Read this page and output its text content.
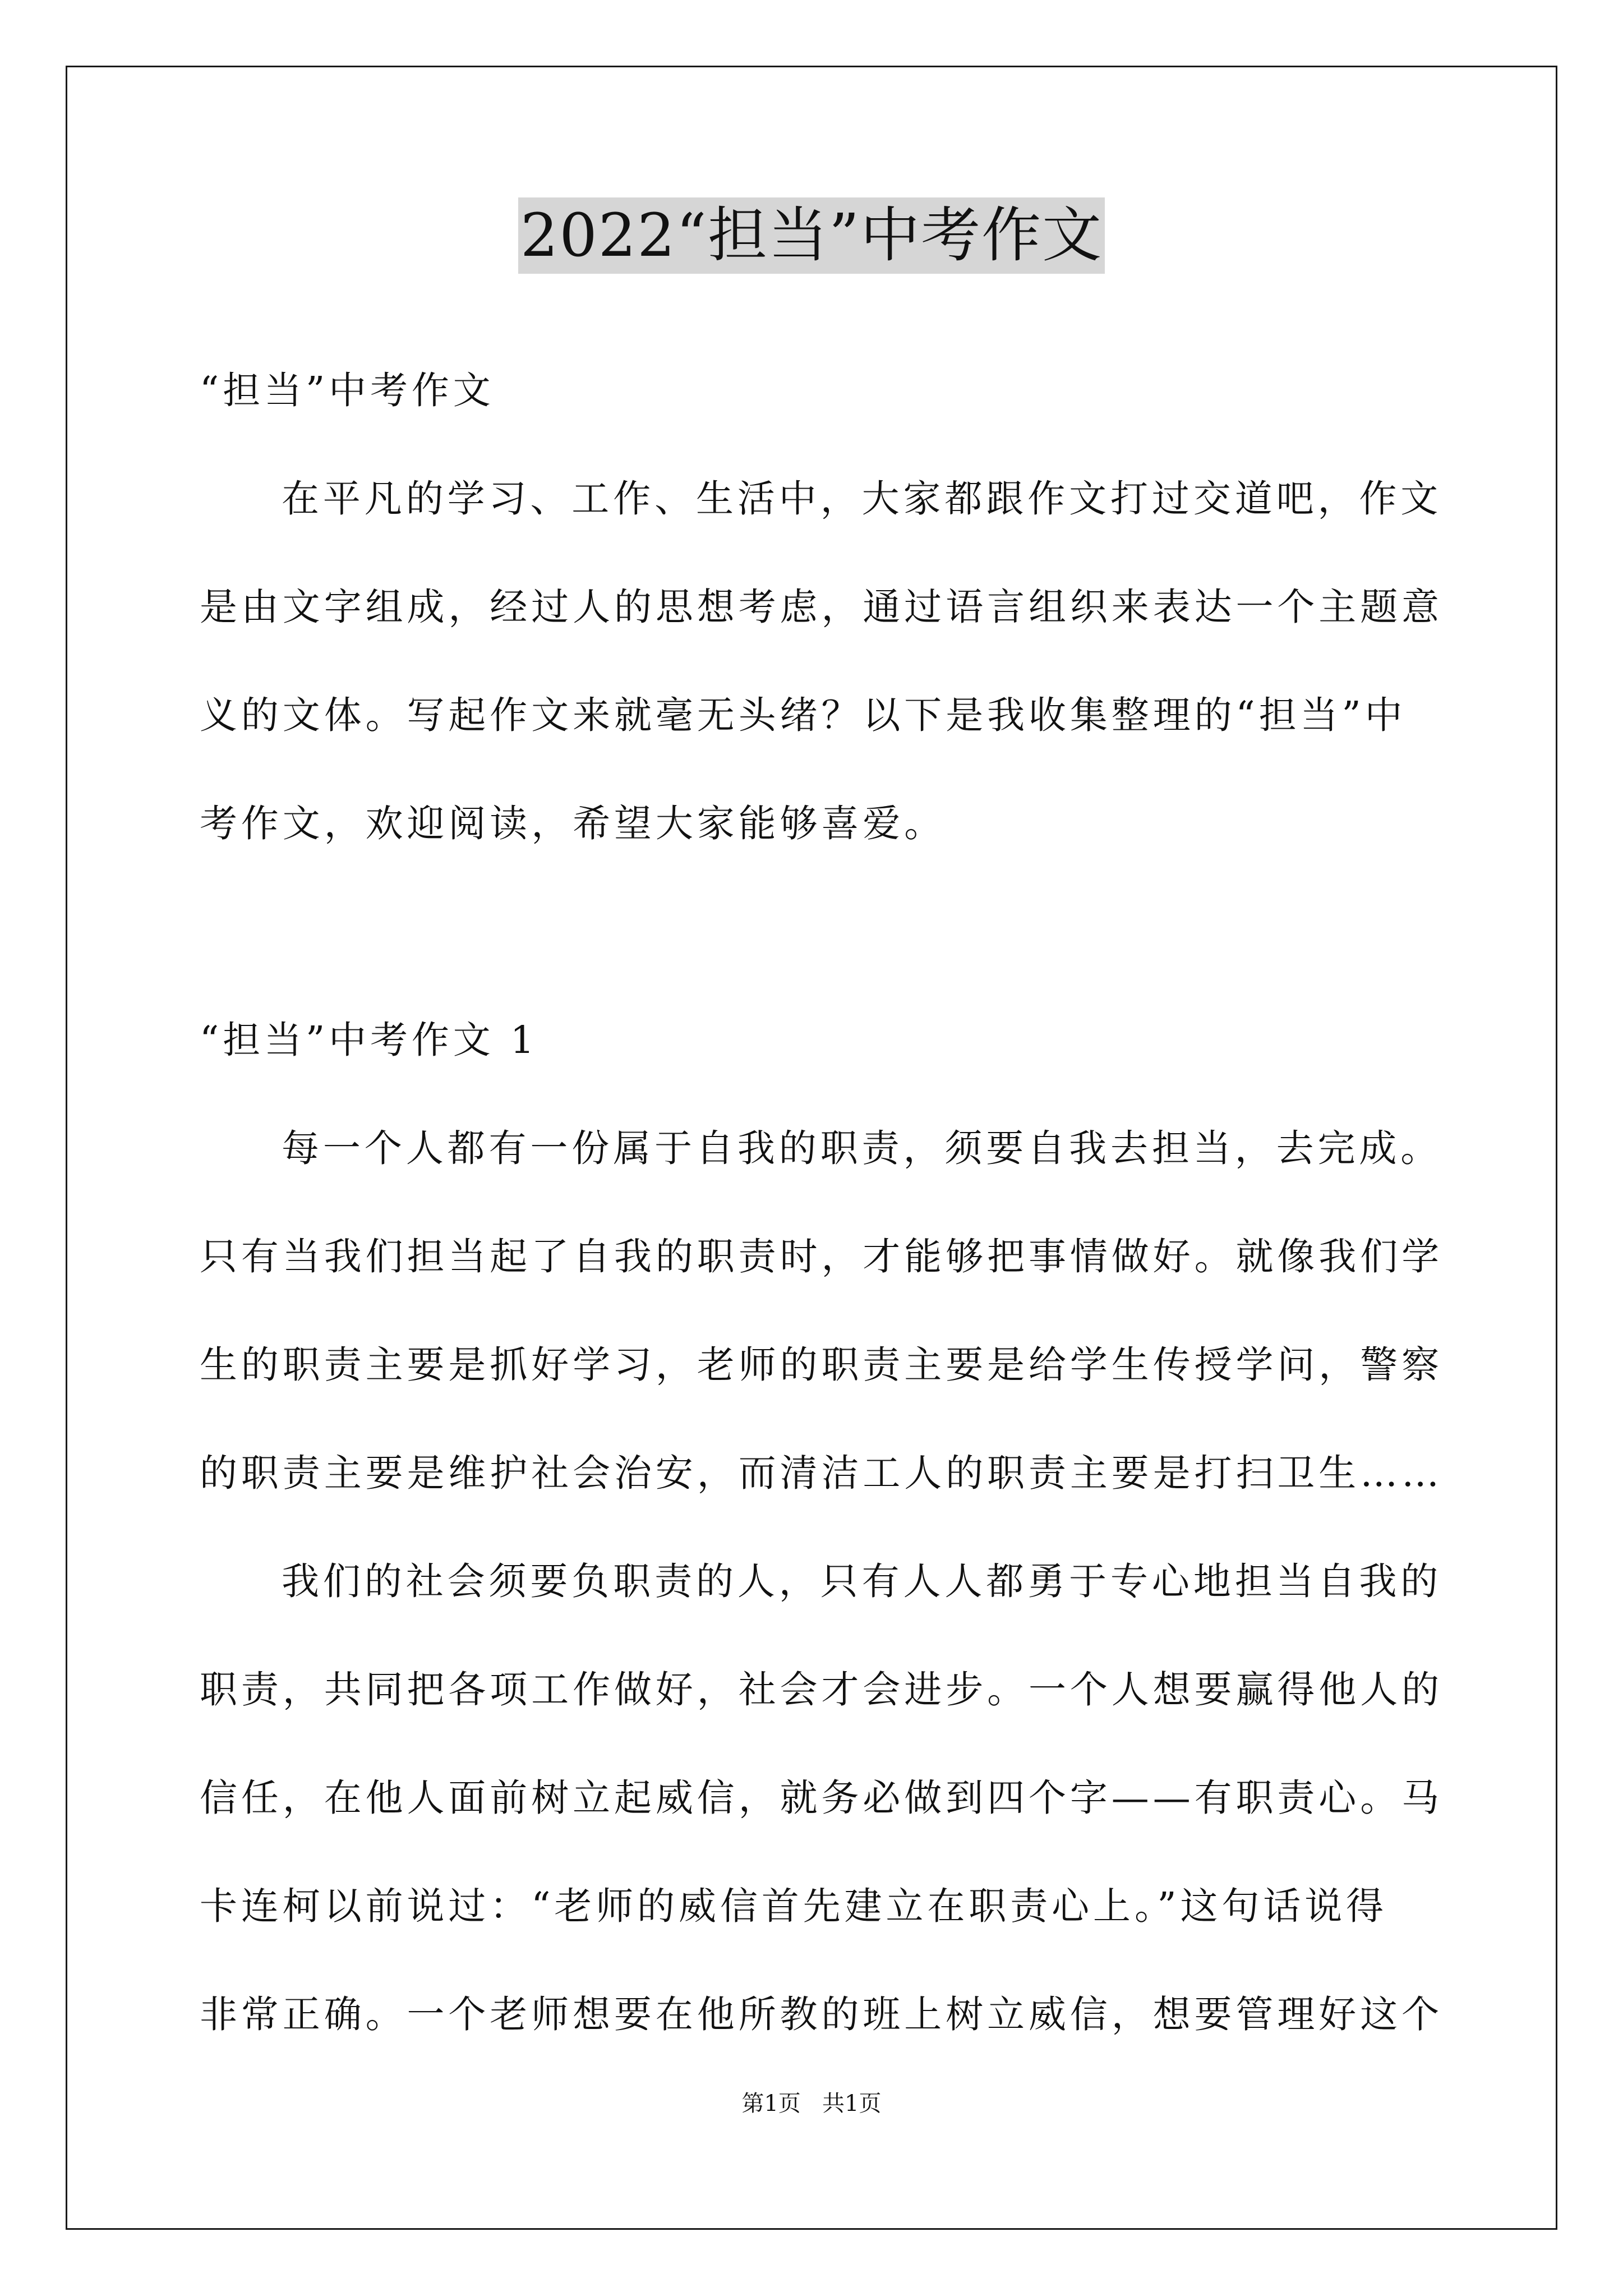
2022“担当”中考作文
“担当”中考作文
在平凡的学习、工作、生活中，大家都跟作文打过交道吧，作文
是由文字组成，经过人的思想考虑，通过语言组织来表达一个主题意
义的文体。写起作文来就毫无头绪？以下是我收集整理的“担当”中
考作文，欢迎阅读，希望大家能够喜爱。
“担当”中考作文 1
每一个人都有一份属于自我的职责，须要自我去担当，去完成。
只有当我们担当起了自我的职责时，才能够把事情做好。就像我们学
生的职责主要是抓好学习，老师的职责主要是给学生传授学问，警察
的职责主要是维护社会治安，而清洁工人的职责主要是打扫卫生……
我们的社会须要负职责的人，只有人人都勇于专心地担当自我的
职责，共同把各项工作做好，社会才会进步。一个人想要赢得他人的
信任，在他人面前树立起威信，就务必做到四个字——有职责心。马
卡连柯以前说过：“老师的威信首先建立在职责心上。”这句话说得
非常正确。一个老师想要在他所教的班上树立威信，想要管理好这个
第1页   共1页
